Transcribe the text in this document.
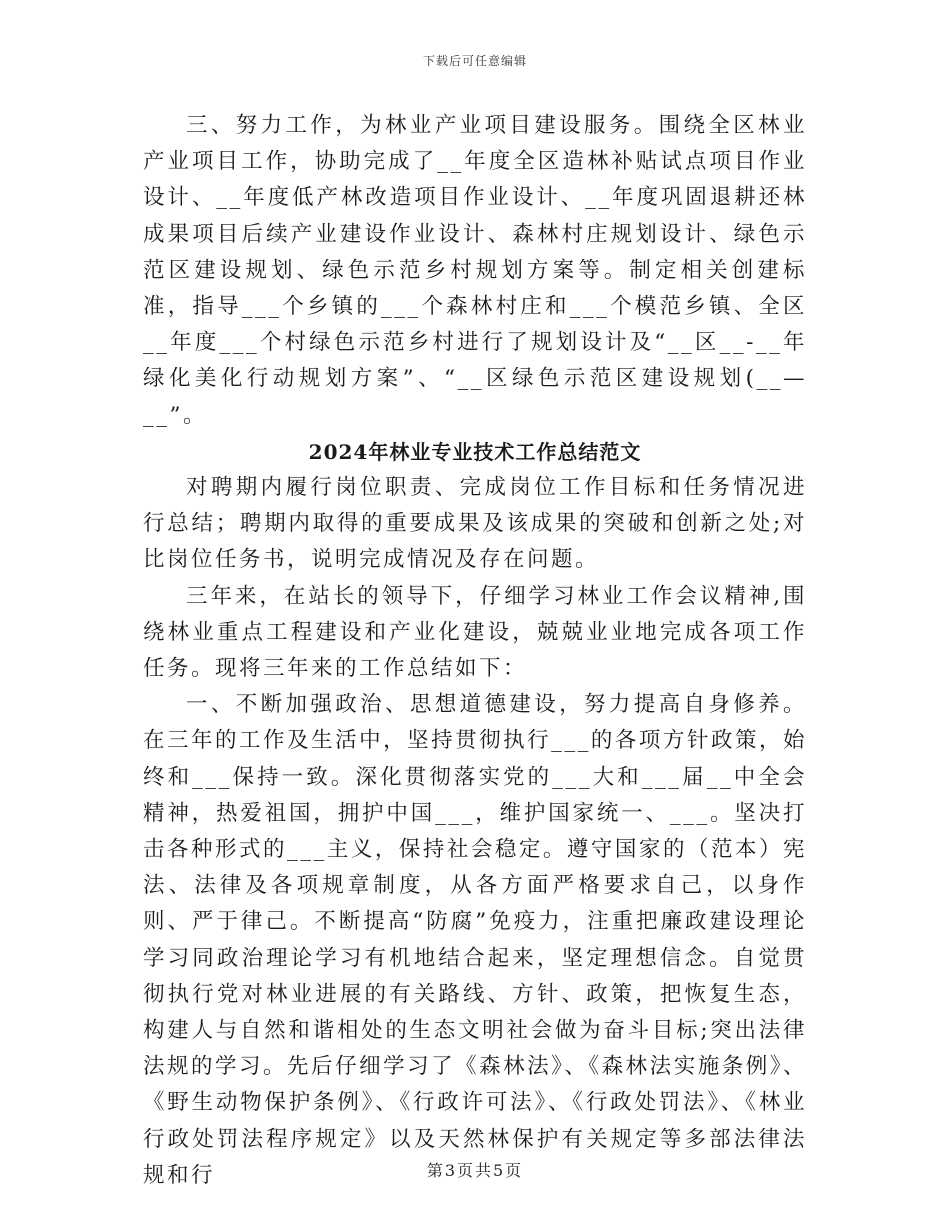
下载后可任意编辑

三、努力工作，为林业产业项目建设服务。围绕全区林业产业项目工作，协助完成了__年度全区造林补贴试点项目作业设计、__年度低产林改造项目作业设计、__年度巩固退耕还林成果项目后续产业建设作业设计、森林村庄规划设计、绿色示范区建设规划、绿色示范乡村规划方案等。制定相关创建标准，指导___个乡镇的___个森林村庄和___个模范乡镇、全区__年度___个村绿色示范乡村进行了规划设计及“__区__-__年绿化美化行动规划方案”、“__区绿色示范区建设规划(__—__”。

2024年林业专业技术工作总结范文

对聘期内履行岗位职责、完成岗位工作目标和任务情况进行总结；聘期内取得的重要成果及该成果的突破和创新之处;对比岗位任务书，说明完成情况及存在问题。

三年来，在站长的领导下，仔细学习林业工作会议精神,围绕林业重点工程建设和产业化建设，兢兢业业地完成各项工作任务。现将三年来的工作总结如下：

一、不断加强政治、思想道德建设，努力提高自身修养。在三年的工作及生活中，坚持贯彻执行___的各项方针政策，始终和___保持一致。深化贯彻落实党的___大和___届__中全会精神，热爱祖国，拥护中国___，维护国家统一、___。坚决打击各种形式的___主义，保持社会稳定。遵守国家的（范本）宪法、法律及各项规章制度，从各方面严格要求自己，以身作则、严于律己。不断提高“防腐”免疫力，注重把廉政建设理论学习同政治理论学习有机地结合起来，坚定理想信念。自觉贯彻执行党对林业进展的有关路线、方针、政策，把恢复生态，构建人与自然和谐相处的生态文明社会做为奋斗目标;突出法律法规的学习。先后仔细学习了《森林法》、《森林法实施条例》、《野生动物保护条例》、《行政许可法》、《行政处罚法》、《林业行政处罚法程序规定》以及天然林保护有关规定等多部法律法规和行	第3页共5页
